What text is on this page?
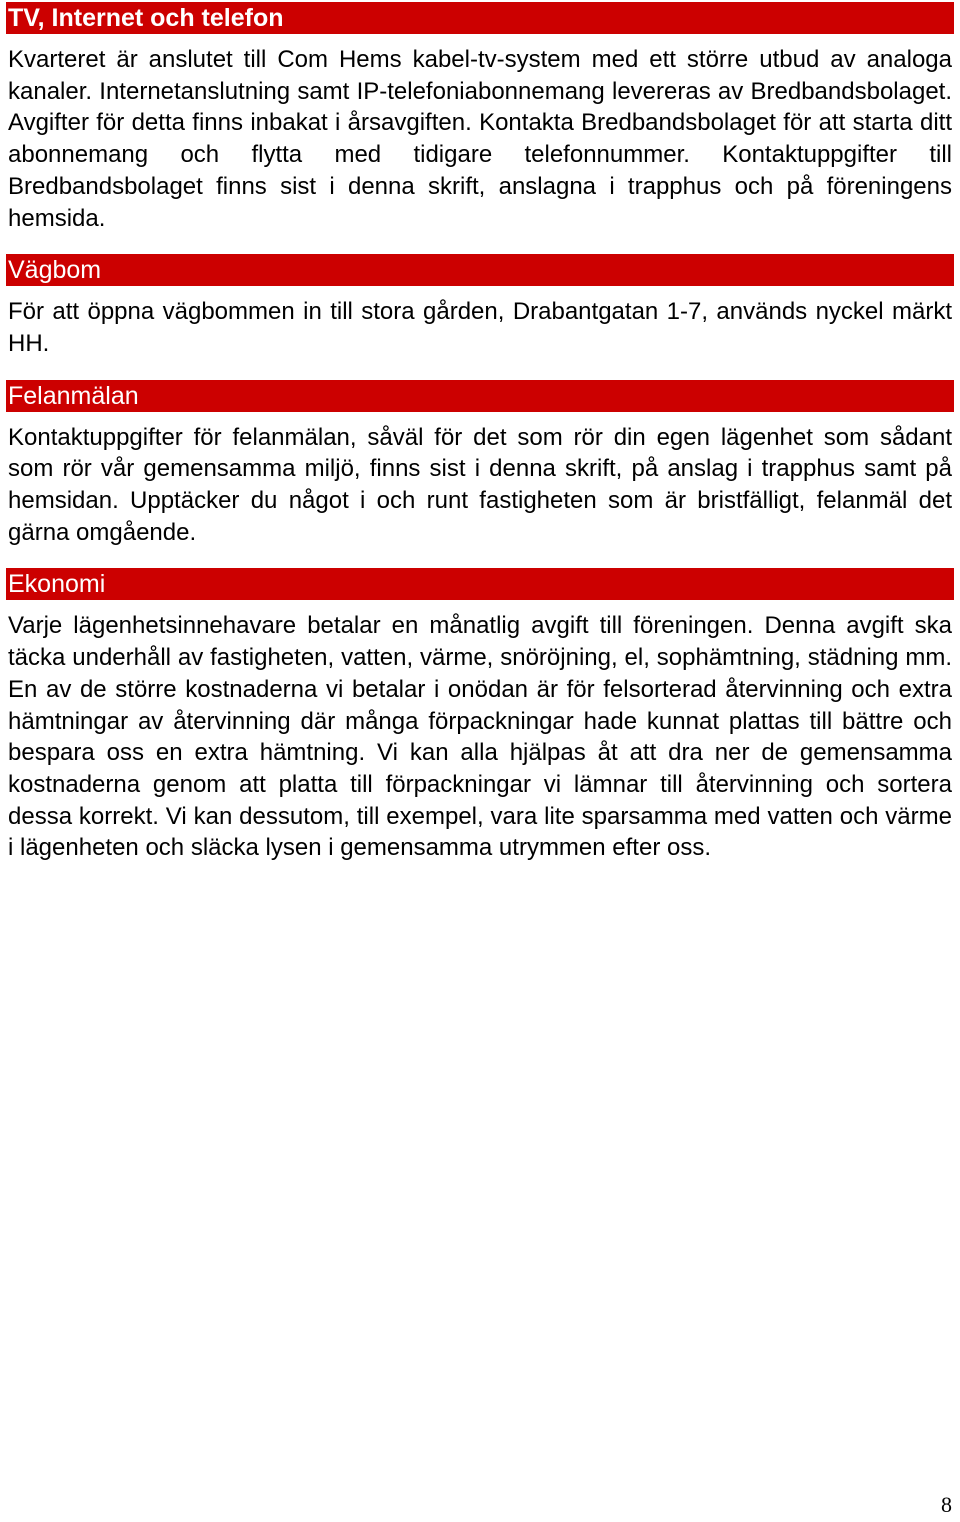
TV, Internet och telefon

Kvarteret är anslutet till Com Hems kabel-tv-system med ett större utbud av analoga kanaler. Internetanslutning samt IP-telefoniabonnemang levereras av Bredbandsbolaget. Avgifter för detta finns inbakat i årsavgiften. Kontakta Bredbandsbolaget för att starta ditt abonnemang och flytta med tidigare telefonnummer. Kontaktuppgifter till Bredbandsbolaget finns sist i denna skrift, anslagna i trapphus och på föreningens hemsida.

Vägbom

För att öppna vägbommen in till stora gården, Drabantgatan 1-7, används nyckel märkt HH.

Felanmälan

Kontaktuppgifter för felanmälan, såväl för det som rör din egen lägenhet som sådant som rör vår gemensamma miljö, finns sist i denna skrift, på anslag i trapphus samt på hemsidan. Upptäcker du något i och runt fastigheten som är bristfälligt, felanmäl det gärna omgående.

Ekonomi

Varje lägenhetsinnehavare betalar en månatlig avgift till föreningen. Denna avgift ska täcka underhåll av fastigheten, vatten, värme, snöröjning, el, sophämtning, städning mm. En av de större kostnaderna vi betalar i onödan är för felsorterad återvinning och extra hämtningar av återvinning där många förpackningar hade kunnat plattas till bättre och bespara oss en extra hämtning. Vi kan alla hjälpas åt att dra ner de gemensamma kostnaderna genom att platta till förpackningar vi lämnar till återvinning och sortera dessa korrekt. Vi kan dessutom, till exempel, vara lite sparsamma med vatten och värme i lägenheten och släcka lysen i gemensamma utrymmen efter oss.

8
